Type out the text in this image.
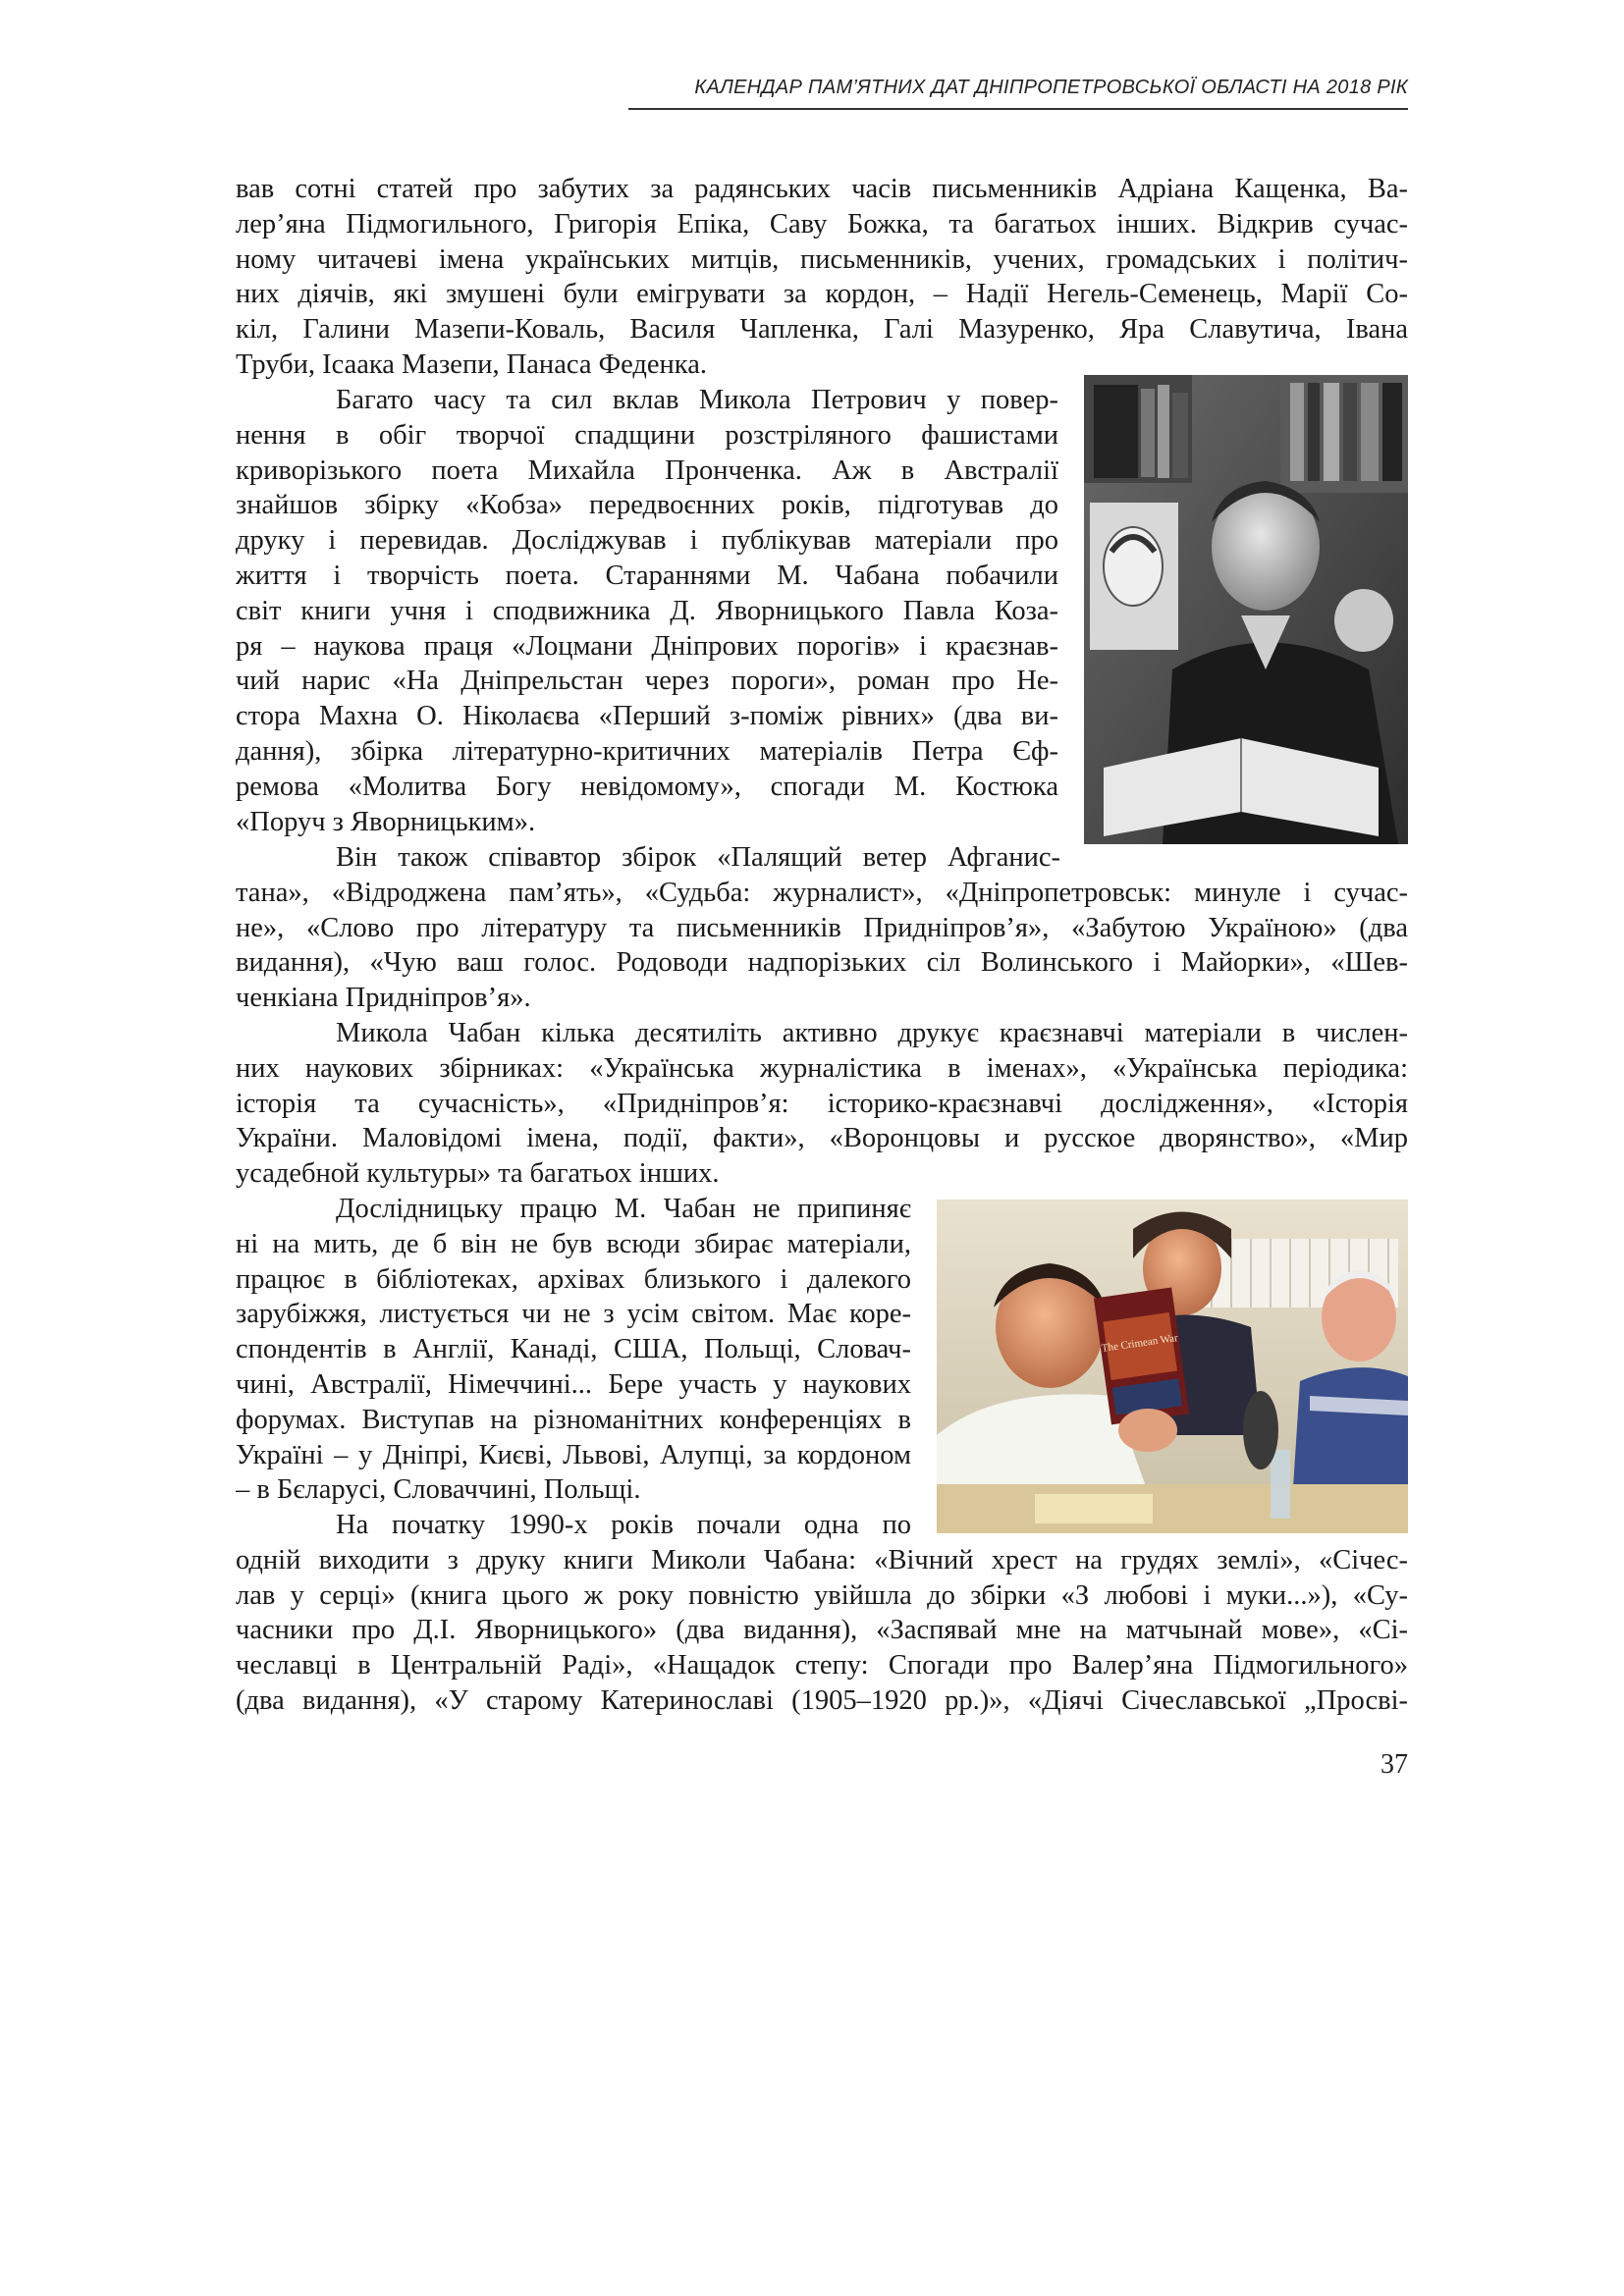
КАЛЕНДАР ПАМ’ЯТНИХ ДАТ ДНІПРОПЕТРОВСЬКОЇ ОБЛАСТІ НА 2018 РІК
вав сотні статей про забутих за радянських часів письменників Адріана Кащенка, Ва-
лер’яна Підмогильного, Григорія Епіка, Саву Божка, та багатьох інших. Відкрив сучас-
ному читачеві імена українських митців, письменників, учених, громадських і політич-
них діячів, які змушені були емігрувати за кордон, – Надії Негель-Семенець, Марії Со-
кіл, Галини Мазепи-Коваль, Василя Чапленка, Галі Мазуренко, Яра Славутича, Івана
Труби, Ісаака Мазепи, Панаса Феденка.
Багато часу та сил вклав Микола Петрович у повер-
нення в обіг творчої спадщини розстріляного фашистами
криворізького поета Михайла Пронченка. Аж в Австралії
знайшов збірку «Кобза» передвоєнних років, підготував до
друку і перевидав. Досліджував і публікував матеріали про
життя і творчість поета. Стараннями М. Чабана побачили
світ книги учня і сподвижника Д. Яворницького Павла Коза-
ря – наукова праця «Лоцмани Дніпрових порогів» і краєзнав-
чий нарис «На Дніпрельстан через пороги», роман про Не-
стора Махна О. Ніколаєва «Перший з-поміж рівних» (два ви-
дання), збірка літературно-критичних матеріалів Петра Єф-
ремова «Молитва Богу невідомому», спогади М. Костюка
«Поруч з Яворницьким».
Він також співавтор збірок «Палящий ветер Афганис-
тана», «Відроджена пам’ять», «Судьба: журналист», «Дніпропетровськ: минуле і сучас-
не», «Слово про літературу та письменників Придніпров’я», «Забутою Україною» (два
видання), «Чую ваш голос. Родоводи надпорізьких сіл Волинського і Майорки», «Шев-
ченкіана Придніпров’я».
Микола Чабан кілька десятиліть активно друкує краєзнавчі матеріали в числен-
них наукових збірниках: «Українська журналістика в іменах», «Українська періодика:
історія та сучасність», «Придніпров’я: історико-краєзнавчі дослідження», «Історія
України. Маловідомі імена, події, факти», «Воронцовы и русское дворянство», «Мир
усадебной культуры» та багатьох інших.
Дослідницьку працю М. Чабан не припиняє
ні на мить, де б він не був всюди збирає матеріали,
працює в бібліотеках, архівах близького і далекого
зарубіжжя, листується чи не з усім світом. Має коре-
спондентів в Англії, Канаді, США, Польщі, Словач-
чині, Австралії, Німеччині... Бере участь у наукових
форумах. Виступав на різноманітних конференціях в
Україні – у Дніпрі, Києві, Львові, Алупці, за кордоном
– в Бєларусі, Словаччині, Польщі.
The Crimean War
На початку 1990-х років почали одна по
одній виходити з друку книги Миколи Чабана: «Вічний хрест на грудях землі», «Січес-
лав у серці» (книга цього ж року повністю увійшла до збірки «З любові і муки...»), «Су-
часники про Д.І. Яворницького» (два видання), «Заспявай мне на матчынай мове», «Сі-
чеславці в Центральній Раді», «Нащадок степу: Спогади про Валер’яна Підмогильного»
(два видання), «У старому Катеринославі (1905–1920 рр.)», «Діячі Січеславської „Просві-
37
